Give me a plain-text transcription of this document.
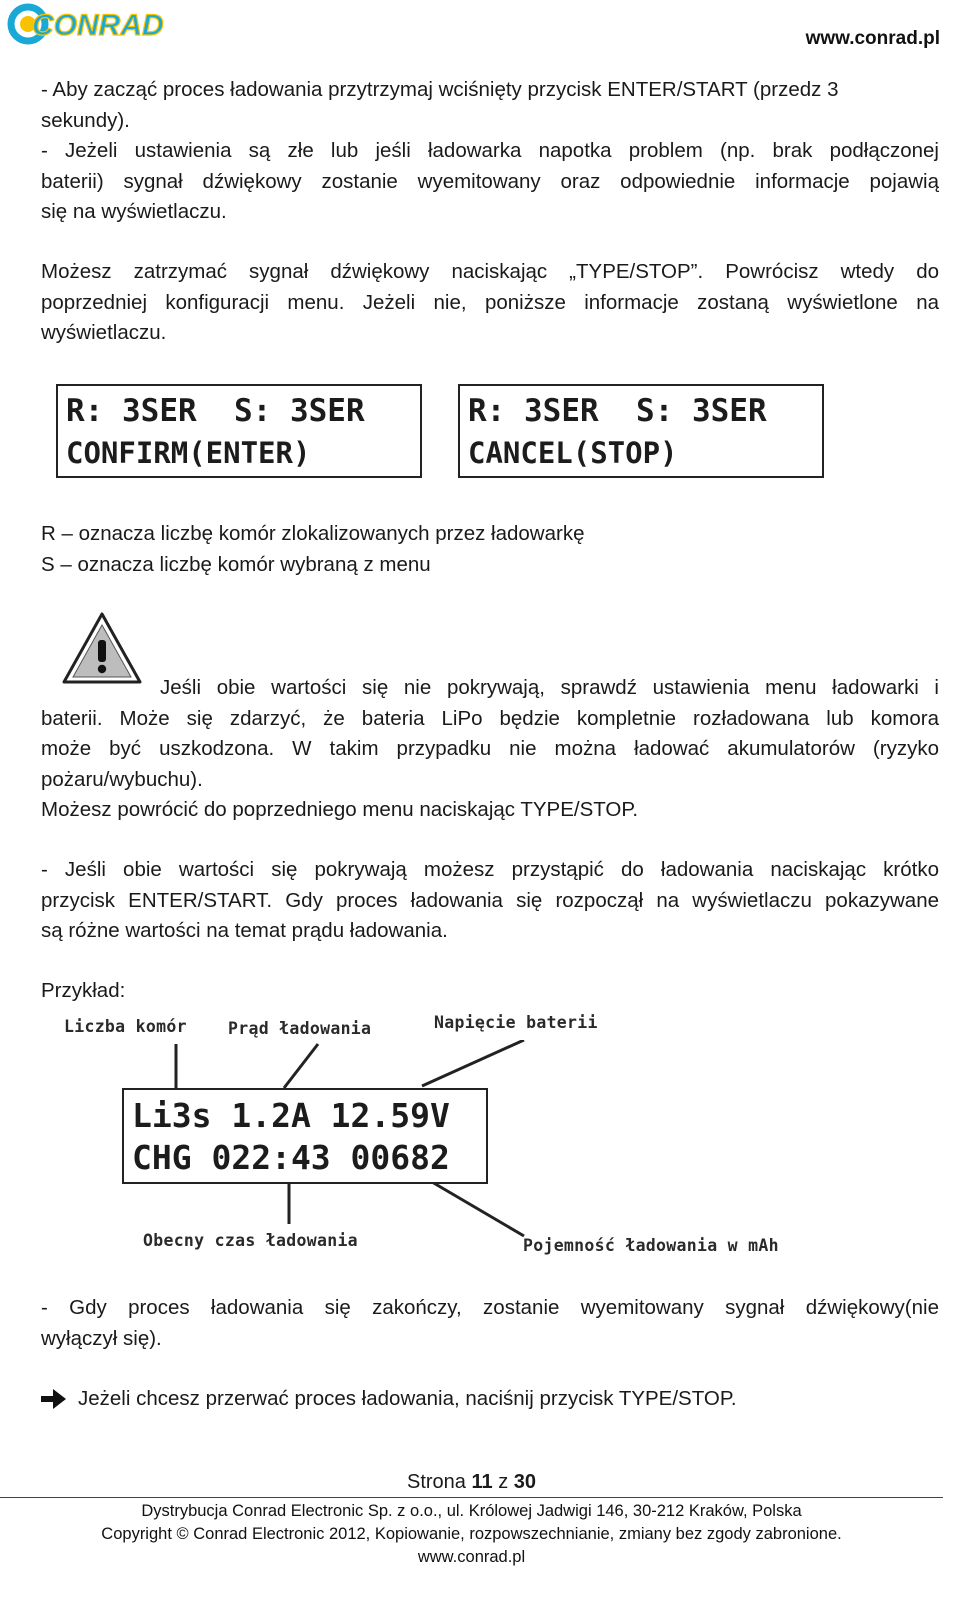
CONRAD	www.conrad.pl
- Aby zacząć proces ładowania przytrzymaj wciśnięty przycisk ENTER/START (przedz 3
sekundy).
- Jeżeli ustawienia są złe lub jeśli ładowarka napotka problem (np. brak podłączonej
baterii) sygnał dźwiękowy zostanie wyemitowany oraz odpowiednie informacje pojawią
się na wyświetlaczu.
Możesz zatrzymać sygnał dźwiękowy naciskając „TYPE/STOP”. Powrócisz wtedy do
poprzedniej konfiguracji menu. Jeżeli nie, poniższe informacje zostaną wyświetlone na
wyświetlaczu.
R: 3SER  S: 3SER
CONFIRM(ENTER)
R: 3SER  S: 3SER
CANCEL(STOP)
R – oznacza liczbę komór zlokalizowanych przez ładowarkę
S – oznacza liczbę komór wybraną z menu
Jeśli obie wartości się nie pokrywają, sprawdź ustawienia menu ładowarki i
baterii. Może się zdarzyć, że bateria LiPo będzie kompletnie rozładowana lub komora
może być uszkodzona. W takim przypadku nie można ładować akumulatorów (ryzyko
pożaru/wybuchu).
Możesz powrócić do poprzedniego menu naciskając TYPE/STOP.
- Jeśli obie wartości się pokrywają możesz przystąpić do ładowania naciskając krótko
przycisk ENTER/START. Gdy proces ładowania się rozpoczął na wyświetlaczu pokazywane
są różne wartości na temat prądu ładowania.
Przykład:
Liczba komór Prąd ładowania	Napięcie baterii
Li3s 1.2A 12.59V
CHG 022:43 00682
Obecny czas ładowania	Pojemność ładowania w mAh
- Gdy proces ładowania się zakończy, zostanie wyemitowany sygnał dźwiękowy(nie
wyłączył się).
Jeżeli chcesz przerwać proces ładowania, naciśnij przycisk TYPE/STOP.
Strona 11 z 30
Dystrybucja Conrad Electronic Sp. z o.o., ul. Królowej Jadwigi 146, 30-212 Kraków, Polska
Copyright © Conrad Electronic 2012, Kopiowanie, rozpowszechnianie, zmiany bez zgody zabronione.
www.conrad.pl
